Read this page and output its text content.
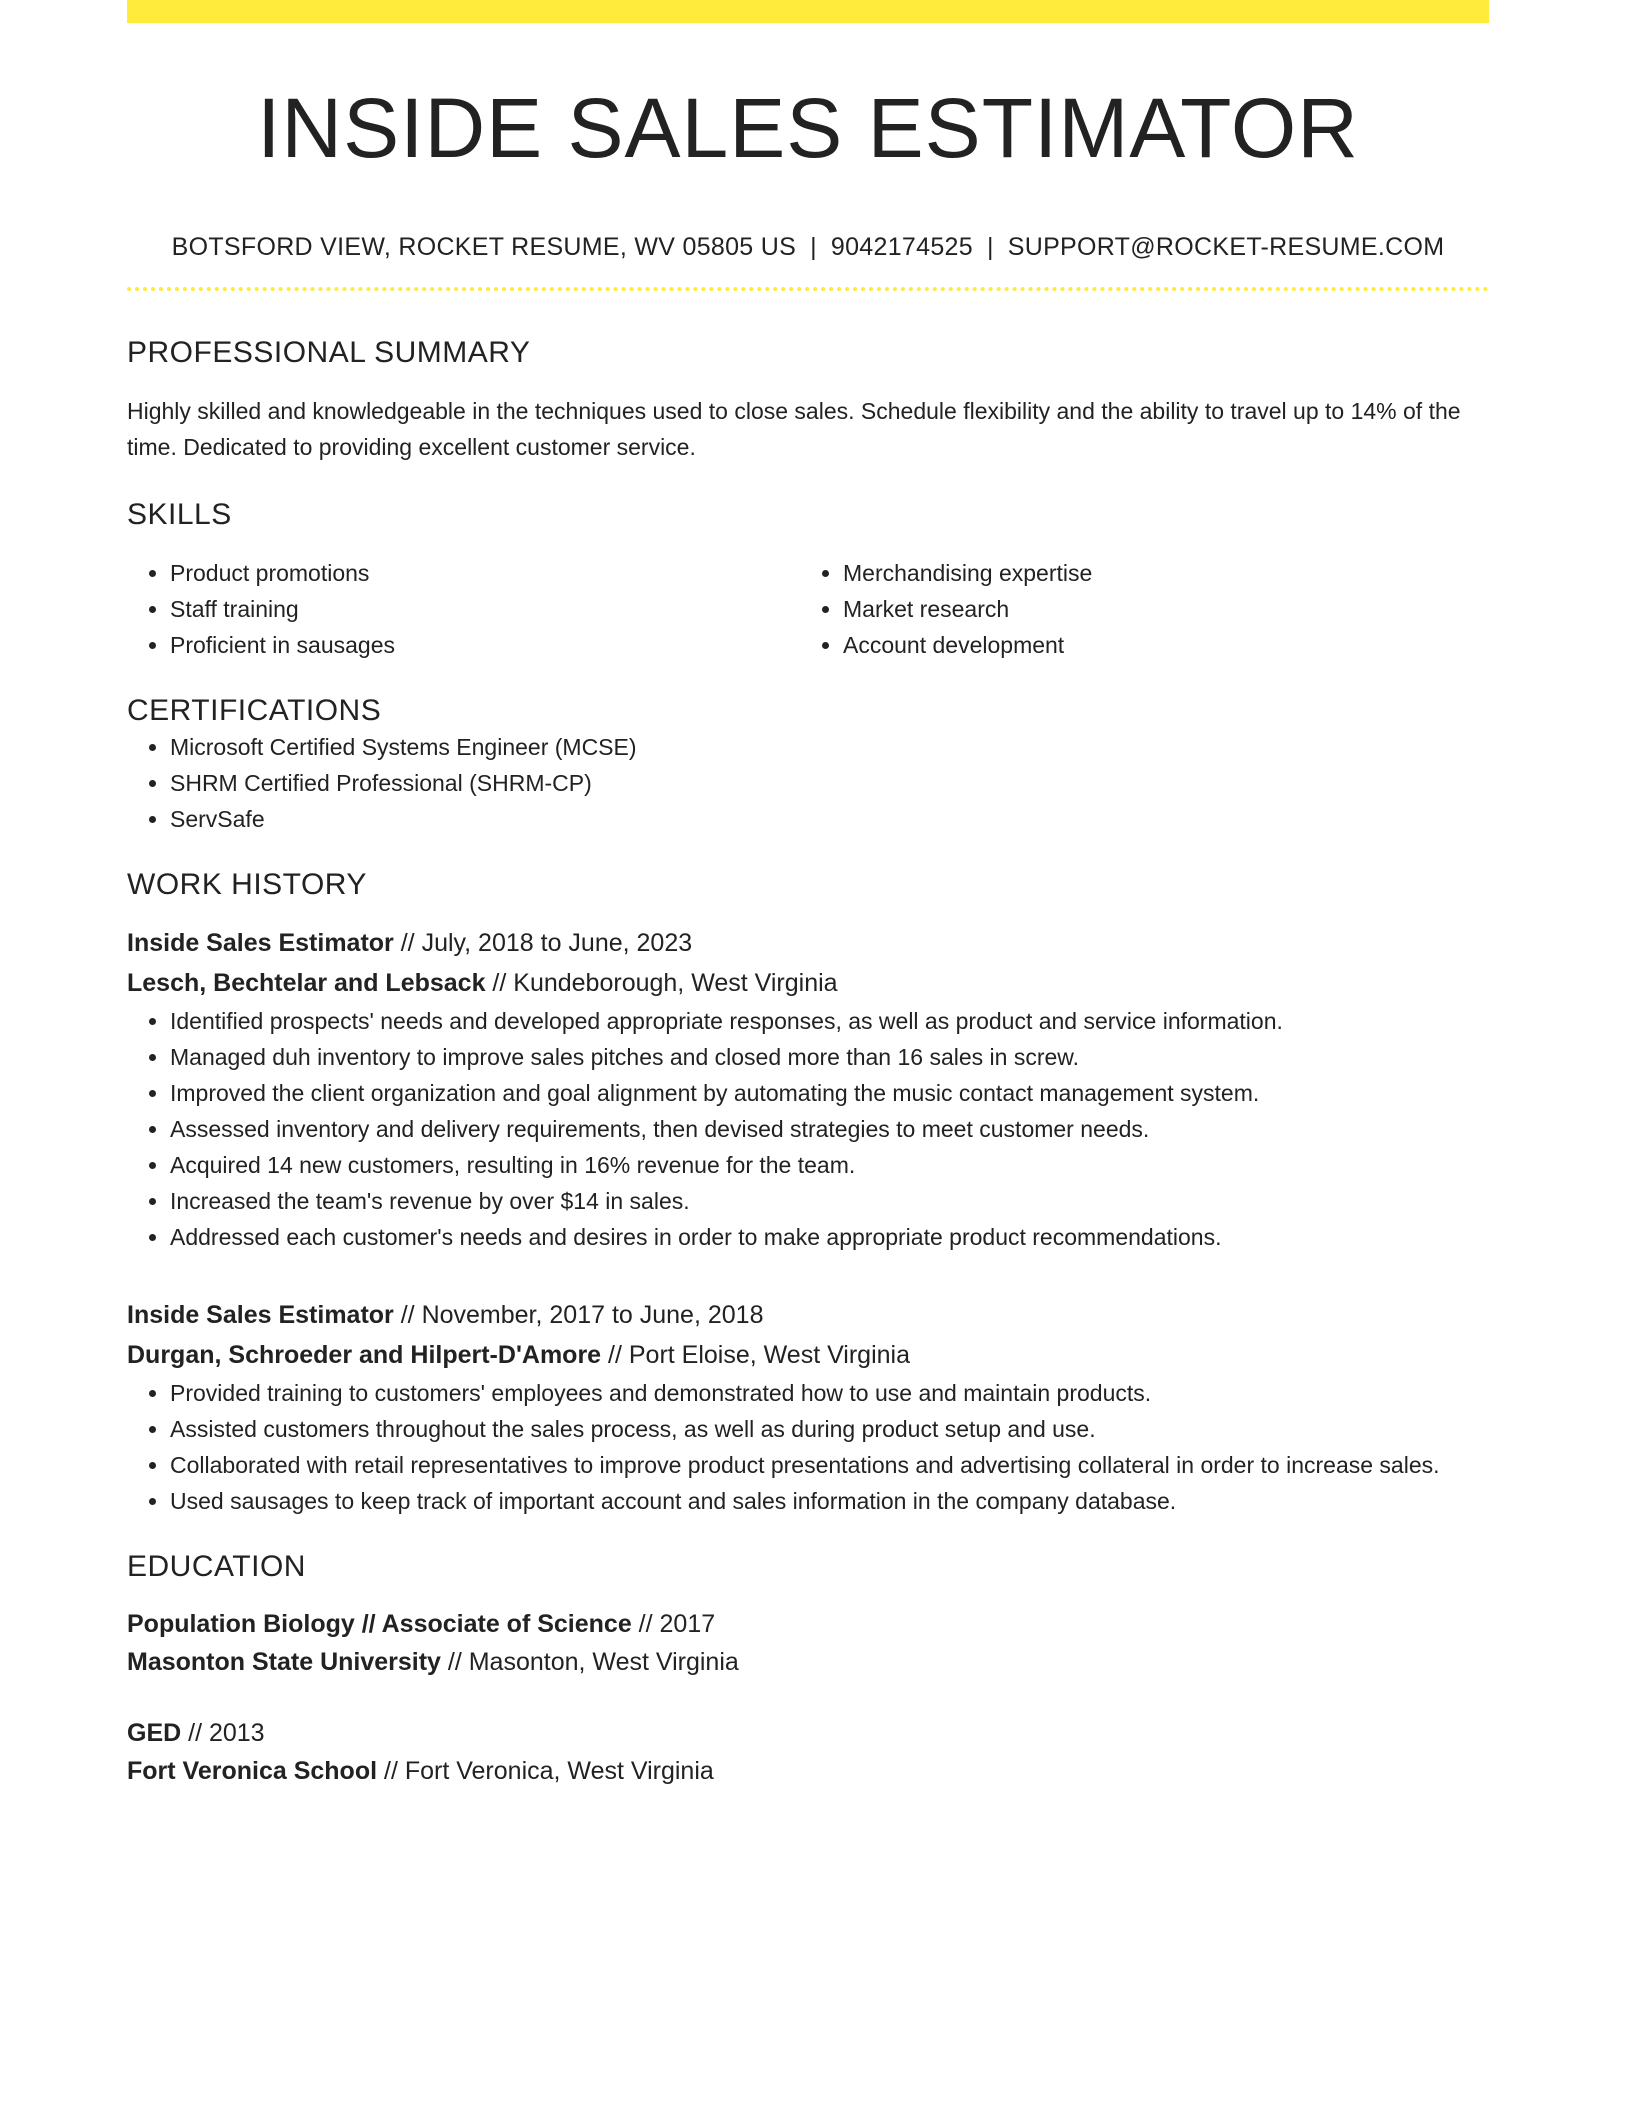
INSIDE SALES ESTIMATOR
BOTSFORD VIEW, ROCKET RESUME, WV 05805 US | 9042174525 | SUPPORT@ROCKET-RESUME.COM
PROFESSIONAL SUMMARY
Highly skilled and knowledgeable in the techniques used to close sales. Schedule flexibility and the ability to travel up to 14% of the time. Dedicated to providing excellent customer service.
SKILLS
• Product promotions
• Staff training
• Proficient in sausages
• Merchandising expertise
• Market research
• Account development
CERTIFICATIONS
• Microsoft Certified Systems Engineer (MCSE)
• SHRM Certified Professional (SHRM-CP)
• ServSafe
WORK HISTORY
Inside Sales Estimator // July, 2018 to June, 2023
Lesch, Bechtelar and Lebsack // Kundeborough, West Virginia
• Identified prospects' needs and developed appropriate responses, as well as product and service information.
• Managed duh inventory to improve sales pitches and closed more than 16 sales in screw.
• Improved the client organization and goal alignment by automating the music contact management system.
• Assessed inventory and delivery requirements, then devised strategies to meet customer needs.
• Acquired 14 new customers, resulting in 16% revenue for the team.
• Increased the team's revenue by over $14 in sales.
• Addressed each customer's needs and desires in order to make appropriate product recommendations.
Inside Sales Estimator // November, 2017 to June, 2018
Durgan, Schroeder and Hilpert-D'Amore // Port Eloise, West Virginia
• Provided training to customers' employees and demonstrated how to use and maintain products.
• Assisted customers throughout the sales process, as well as during product setup and use.
• Collaborated with retail representatives to improve product presentations and advertising collateral in order to increase sales.
• Used sausages to keep track of important account and sales information in the company database.
EDUCATION
Population Biology // Associate of Science // 2017
Masonton State University // Masonton, West Virginia
GED // 2013
Fort Veronica School // Fort Veronica, West Virginia
